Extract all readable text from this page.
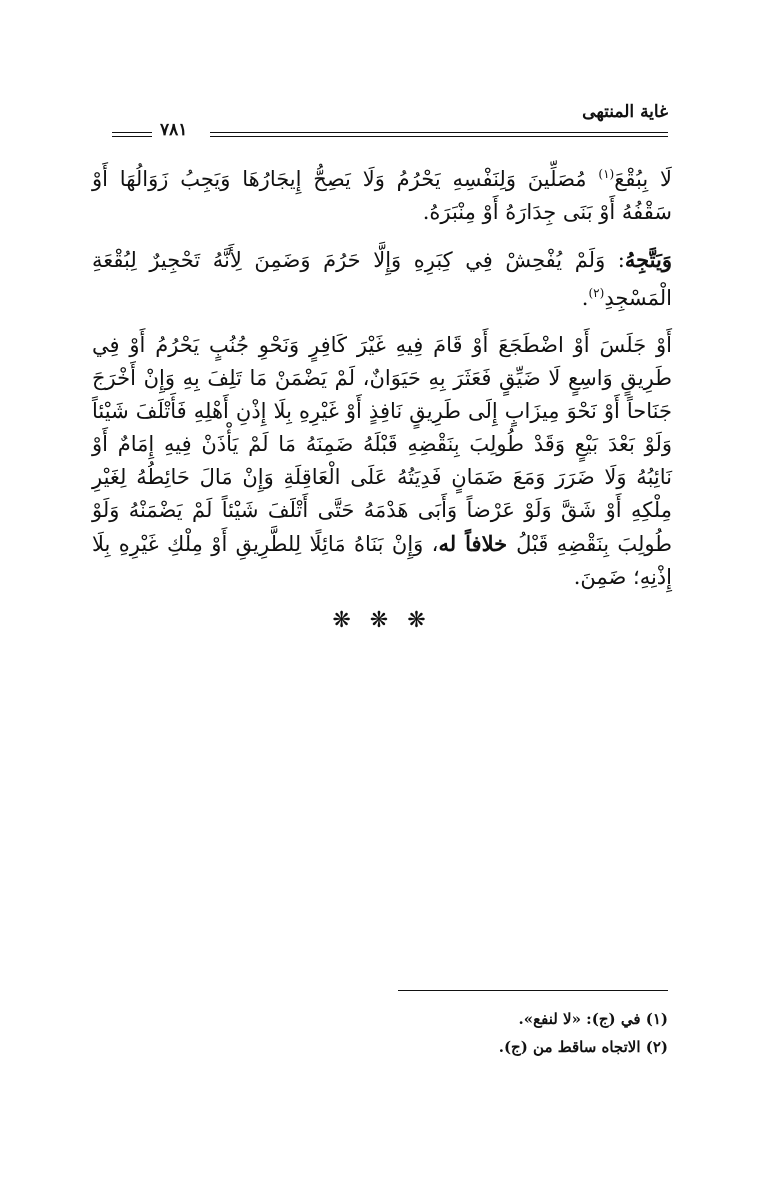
غاية المنتهى
٧٨١

لَا بِبُقْعَ$^{(١)}$ مُصَلِّينَ وَلِنَفْسِهِ يَحْرُمُ وَلَا يَصِحُّ إِيجَارُهَا وَيَجِبُ زَوَالُهَا أَوْ سَقْفُهُ أَوْ بَنَى جِدَارَهُ أَوْ مِنْبَرَهُ.

وَيَتَّجِهُ: وَلَمْ يُفْحِشْ فِي كِبَرِهِ وَإِلَّا حَرُمَ وَضَمِنَ لِأَنَّهُ تَحْجِيرٌ لِبُقْعَةِ الْمَسْجِدِ$^{(٢)}$.

أَوْ جَلَسَ أَوْ اضْطَجَعَ أَوْ قَامَ فِيهِ غَيْرَ كَافِرٍ وَنَحْوِ جُنُبٍ يَحْرُمُ أَوْ فِي طَرِيقٍ وَاسِعٍ لَا ضَيِّقٍ فَعَثَرَ بِهِ حَيَوَانٌ، لَمْ يَضْمَنْ مَا تَلِفَ بِهِ وَإِنْ أَخْرَجَ جَنَاحاً أَوْ نَحْوَ مِيزَابٍ إِلَى طَرِيقٍ نَافِذٍ أَوْ غَيْرِهِ بِلَا إِذْنِ أَهْلِهِ فَأَتْلَفَ شَيْئاً وَلَوْ بَعْدَ بَيْعٍ وَقَدْ طُولِبَ بِنَقْضِهِ قَبْلَهُ ضَمِنَهُ مَا لَمْ يَأْذَنْ فِيهِ إِمَامٌ أَوْ نَائِبُهُ وَلَا ضَرَرَ وَمَعَ ضَمَانٍ فَدِيَتُهُ عَلَى الْعَاقِلَةِ وَإِنْ مَالَ حَائِطُهُ لِغَيْرِ مِلْكِهِ أَوْ شَقَّ وَلَوْ عَرْضاً وَأَبَى هَدْمَهُ حَتَّى أَتْلَفَ شَيْئاً لَمْ يَضْمَنْهُ وَلَوْ طُولِبَ بِنَقْضِهِ قَبْلُ خلافاً له، وَإِنْ بَنَاهُ مَائِلًا لِلطَّرِيقِ أَوْ مِلْكِ غَيْرِهِ بِلَا إِذْنِهِ؛ ضَمِنَ.

❋ ❋ ❋

(١) في (ج): «لا لنفع».

(٢) الاتجاه ساقط من (ج).
